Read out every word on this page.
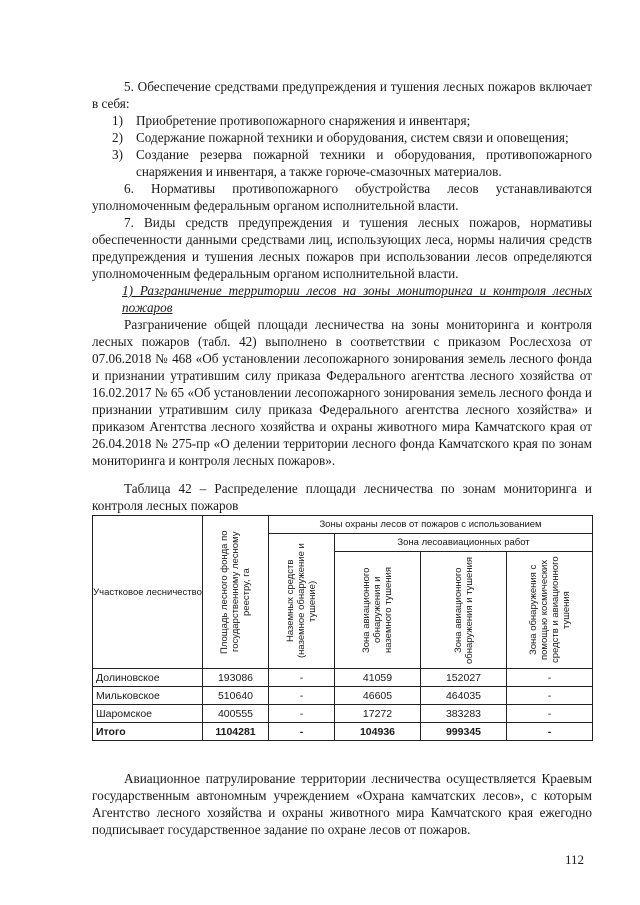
5. Обеспечение средствами предупреждения и тушения лесных пожаров включает в себя:
1) Приобретение противопожарного снаряжения и инвентаря;
2) Содержание пожарной техники и оборудования, систем связи и оповещения;
3) Создание резерва пожарной техники и оборудования, противопожарного снаряжения и инвентаря, а также горюче-смазочных материалов.
6. Нормативы противопожарного обустройства лесов устанавливаются уполномоченным федеральным органом исполнительной власти.
7. Виды средств предупреждения и тушения лесных пожаров, нормативы обеспеченности данными средствами лиц, использующих леса, нормы наличия средств предупреждения и тушения лесных пожаров при использовании лесов определяются уполномоченным федеральным органом исполнительной власти.
1) Разграничение территории лесов на зоны мониторинга и контроля лесных пожаров
Разграничение общей площади лесничества на зоны мониторинга и контроля лесных пожаров (табл. 42) выполнено в соответствии с приказом Рослесхоза от 07.06.2018 № 468 «Об установлении лесопожарного зонирования земель лесного фонда и признании утратившим силу приказа Федерального агентства лесного хозяйства от 16.02.2017 № 65 «Об установлении лесопожарного зонирования земель лесного фонда и признании утратившим силу приказа Федерального агентства лесного хозяйства» и приказом Агентства лесного хозяйства и охраны животного мира Камчатского края от 26.04.2018 № 275-пр «О делении территории лесного фонда Камчатского края по зонам мониторинга и контроля лесных пожаров».
Таблица 42 – Распределение площади лесничества по зонам мониторинга и контроля лесных пожаров
Участковое лесничество	Площадь лесного фонда по государственному лесному реестру, га	Зоны охраны лесов от пожаров с использованием			

		Наземных средств (наземное обнаружение и тушение)	Зона лесоавиационных работ		

			Зона авиационного обнаружения и наземного тушения	Зона авиационного обнаружения и тушения	Зона обнаружения с помощью космических средств и авиационного тушения

Долиновское	193086	-	41059	152027	-
Мильковское	510640	-	46605	464035	-
Шаромское	400555	-	17272	383283	-
Итого	1104281	-	104936	999345	-
Авиационное патрулирование территории лесничества осуществляется Краевым государственным автономным учреждением «Охрана камчатских лесов», с которым Агентство лесного хозяйства и охраны животного мира Камчатского края ежегодно подписывает государственное задание по охране лесов от пожаров.
112
